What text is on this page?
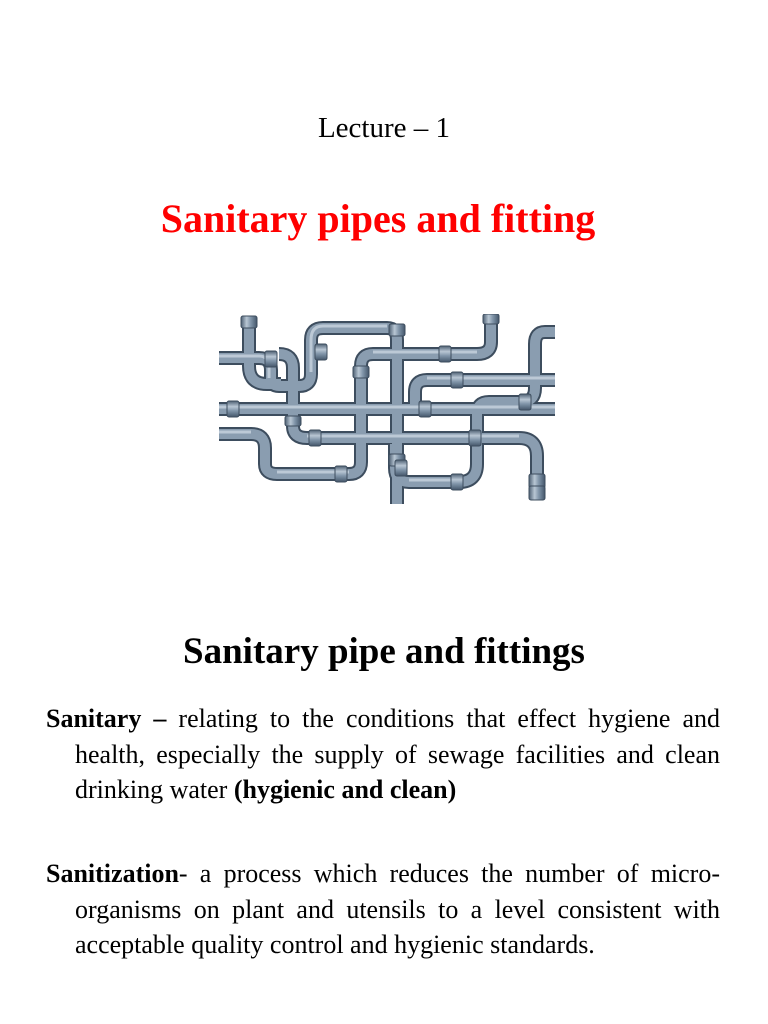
Lecture – 1
Sanitary pipes and fitting
Sanitary pipe and fittings

Sanitary – relating to the conditions that effect hygiene and health, especially the supply of sewage facilities and clean drinking water (hygienic and clean)

Sanitization- a process which reduces the number of micro-organisms on plant and utensils to a level consistent with acceptable quality control and hygienic standards.
